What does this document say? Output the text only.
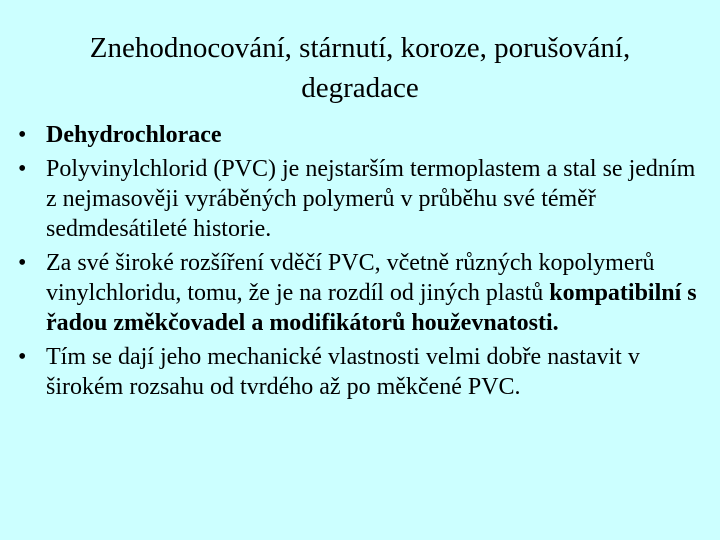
Znehodnocování, stárnutí, koroze, porušování,
degradace
• Dehydrochlorace
• Polyvinylchlorid (PVC) je nejstarším termoplastem a stal se jedním z nejmasověji vyráběných polymerů v průběhu své téměř sedmdesátileté historie.
• Za své široké rozšíření vděčí PVC, včetně různých kopolymerů vinylchloridu, tomu, že je na rozdíl od jiných plastů kompatibilní s řadou změkčovadel a modifikátorů houževnatosti.
• Tím se dají jeho mechanické vlastnosti velmi dobře nastavit v širokém rozsahu od tvrdého až po měkčené PVC.
